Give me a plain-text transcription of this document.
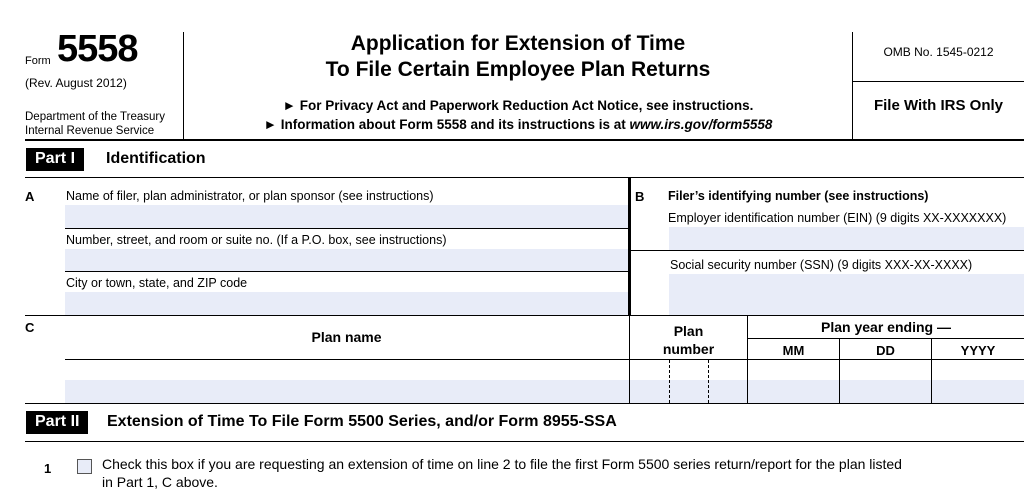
Form 5558
(Rev. August 2012)
Department of the Treasury
Internal Revenue Service
Application for Extension of Time
To File Certain Employee Plan Returns
► For Privacy Act and Paperwork Reduction Act Notice, see instructions.
► Information about Form 5558 and its instructions is at www.irs.gov/form5558
OMB No. 1545-0212
File With IRS Only
Part I	Identification
A	Name of filer, plan administrator, or plan sponsor (see instructions)
Number, street, and room or suite no. (If a P.O. box, see instructions)
City or town, state, and ZIP code
B Filer’s identifying number (see instructions)
Employer identification number (EIN) (9 digits XX-XXXXXXX)
Social security number (SSN) (9 digits XXX-XX-XXXX)
C
Plan name	Plan
number
Plan year ending —
MM	DD	YYYY
Part II	Extension of Time To File Form 5500 Series, and/or Form 8955-SSA
1	Check this box if you are requesting an extension of time on line 2 to file the first Form 5500 series return/report for the plan listed
in Part 1, C above.
